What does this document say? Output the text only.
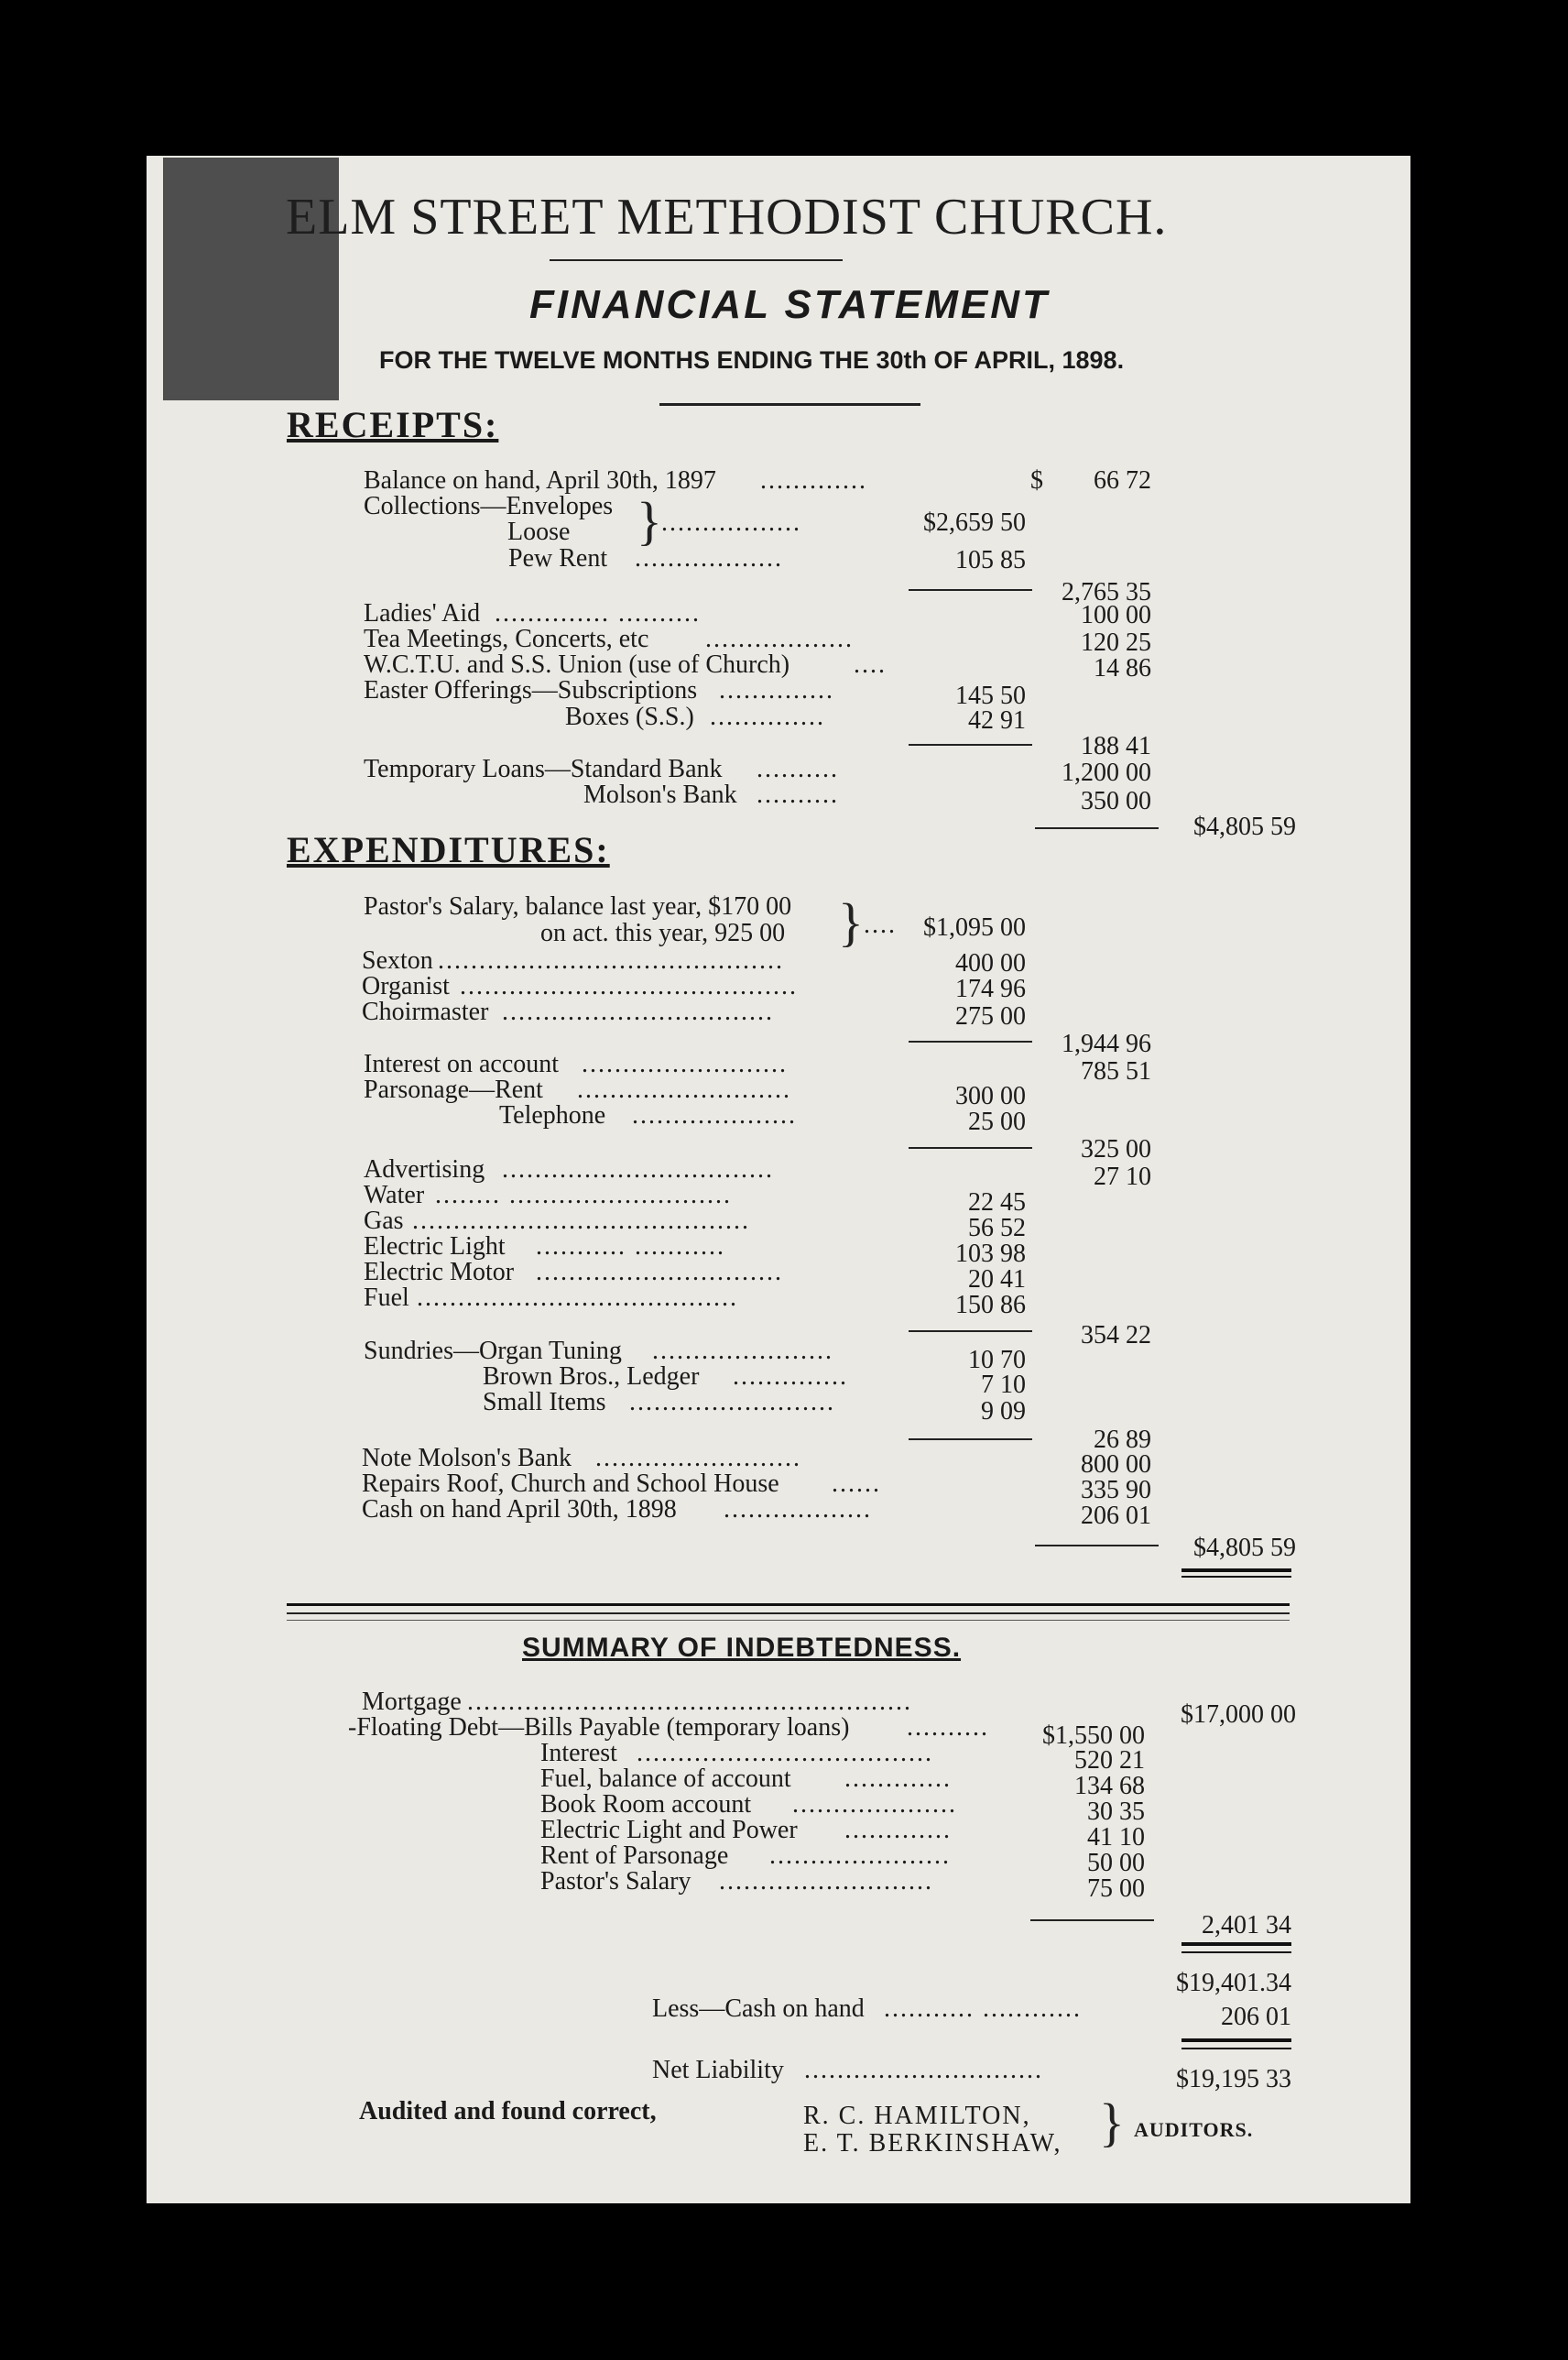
ELM STREET METHODIST CHURCH.
FINANCIAL STATEMENT
FOR THE TWELVE MONTHS ENDING THE 30th OF APRIL, 1898.
RECEIPTS:
Balance on hand, April 30th, 1897 .............	$	66 72
Collections—Envelopes
Loose } .................	$2,659 50
Pew Rent ..................	105 85
2,765 35
Ladies' Aid .............. ..........	100 00
Tea Meetings, Concerts, etc ..................	120 25
W.C.T.U. and S.S. Union (use of Church) ....	14 86
Easter Offerings—Subscriptions ..............	145 50
Boxes (S.S.) ..............	42 91
188 41
Temporary Loans—Standard Bank ..........	1,200 00
Molson's Bank ..........	350 00
$4,805 59
EXPENDITURES:
Pastor's Salary, balance last year, $170 00
on act. this year, 925 00 } ....	$1,095 00
Sexton ..........................................	400 00
Organist .........................................	174 96
Choirmaster .................................	275 00
1,944 96
Interest on account .........................	785 51
Parsonage—Rent ..........................	300 00
Telephone ....................	25 00
325 00
Advertising .................................	27 10
Water ........ ...........................	22 45
Gas .........................................	56 52
Electric Light ........... ...........	103 98
Electric Motor ..............................	20 41
Fuel .......................................	150 86
354 22
Sundries—Organ Tuning ......................	10 70
Brown Bros., Ledger ..............	7 10
Small Items .........................	9 09
26 89
Note Molson's Bank .........................	800 00
Repairs Roof, Church and School House ......	335 90
Cash on hand April 30th, 1898 ..................	206 01
$4,805 59
SUMMARY OF INDEBTEDNESS.
Mortgage ......................................................	$17,000 00
-Floating Debt—Bills Payable (temporary loans) ..........	$1,550 00
Interest ....................................	520 21
Fuel, balance of account .............	134 68
Book Room account ....................	30 35
Electric Light and Power .............	41 10
Rent of Parsonage ......................	50 00
Pastor's Salary ..........................	75 00
2,401 34
$19,401.34
Less—Cash on hand ........... ............	206 01
Net Liability .............................	$19,195 33
Audited and found correct,	R. C. HAMILTON,
E. T. BERKINSHAW, } AUDITORS.
